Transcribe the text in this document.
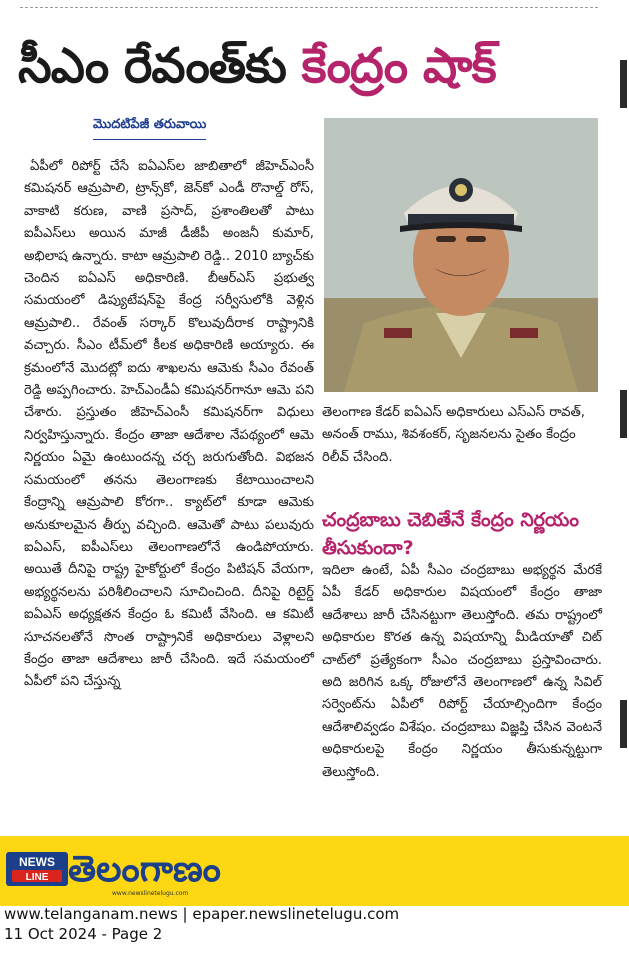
సీఎం రేవంత్‌కు కేంద్రం షాక్
మొదటిపేజీ తరువాయి

ఏపీలో రిపోర్ట్ చేసే ఐఏఎస్‌ల జాబితాలో జీహెచ్‌ఎంసీ కమిషనర్ ఆమ్రపాలి, ట్రాన్స్‌కో, జెన్‌కో ఎండీ రొనాల్డ్ రోస్, వాకాటి కరుణ, వాణి ప్రసాద్, ప్రశాంతిలతో పాటు ఐపీఎస్‌లు అయిన మాజీ డీజీపీ అంజనీ కుమార్, అభిలాష ఉన్నారు. కాటా ఆమ్రపాలి రెడ్డి.. 2010 బ్యాచ్‌కు చెందిన ఐఏఎస్ అధికారిణి. బీఆర్ఎస్ ప్రభుత్వ సమయంలో డిప్యుటేషన్‌పై కేంద్ర సర్వీసులోకి వెళ్లిన ఆమ్రపాలి.. రేవంత్ సర్కార్ కొలువుదీరాక రాష్ట్రానికి వచ్చారు. సీఎం టీమ్‌లో కీలక అధికారిణి అయ్యారు. ఈ క్రమంలోనే మొదట్లో ఐదు శాఖలను ఆమెకు సీఎం రేవంత్ రెడ్డి అప్పగించారు. హెచ్ఎండీఏ కమిషనర్‌గానూ ఆమె పని చేశారు. ప్రస్తుతం జీహెచ్‌ఎంసీ కమిషనర్‌గా విధులు నిర్వహిస్తున్నారు. కేంద్రం తాజా ఆదేశాల నేపథ్యంలో ఆమె నిర్ణయం ఏమై ఉంటుందన్న చర్చ జరుగుతోంది. విభజన సమయంలో తనను తెలంగాణకు కేటాయించాలని కేంద్రాన్ని ఆమ్రపాలి కోరగా.. క్యాట్‌లో కూడా ఆమెకు అనుకూలమైన తీర్పు వచ్చింది. ఆమెతో పాటు పలువురు ఐఏఎస్, ఐపీఎస్‌లు తెలంగాణలోనే ఉండిపోయారు. అయితే దీనిపై రాష్ట్ర హైకోర్టులో కేంద్రం పిటిషన్ వేయగా, అభ్యర్థనలను పరిశీలించాలని సూచించింది. దీనిపై రిటైర్డ్ ఐఏఎస్ అధ్యక్షతన కేంద్రం ఓ కమిటీ వేసింది. ఆ కమిటీ సూచనలతోనే సొంత రాష్ట్రానికే అధికారులు వెళ్లాలని కేంద్రం తాజా ఆదేశాలు జారీ చేసింది. ఇదే సమయంలో ఏపీలో పని చేస్తున్న

తెలంగాణ కేడర్ ఐఏఎస్ అధికారులు ఎస్ఎస్ రావత్, అనంత్ రాము, శివశంకర్, సృజనలను సైతం కేంద్రం రిలీవ్ చేసింది.
చంద్రబాబు చెబితేనే కేంద్రం నిర్ణయం తీసుకుందా?

ఇదిలా ఉంటే, ఏపీ సీఎం చంద్రబాబు అభ్యర్థన మేరకే ఏపీ కేడర్ అధికారుల విషయంలో కేంద్రం తాజా ఆదేశాలు జారీ చేసినట్టుగా తెలుస్తోంది. తమ రాష్ట్రంలో అధికారుల కొరత ఉన్న విషయాన్ని మీడియాతో చిట్ చాట్‌లో ప్రత్యేకంగా సీఎం చంద్రబాబు ప్రస్తావించారు. అది జరిగిన ఒక్క రోజులోనే తెలంగాణలో ఉన్న సివిల్ సర్వెంట్‌ను ఏపీలో రిపోర్ట్ చేయాల్సిందిగా కేంద్రం ఆదేశాలివ్వడం విశేషం. చంద్రబాబు విజ్ఞప్తి చేసిన వెంటనే అధికారులపై కేంద్రం నిర్ణయం తీసుకున్నట్టుగా తెలుస్తోంది.

NEWS
LINE తెలంగాణం
www.newslinetelugu.com
www.telanganam.news | epaper.newslinetelugu.com
11 Oct 2024 - Page 2
